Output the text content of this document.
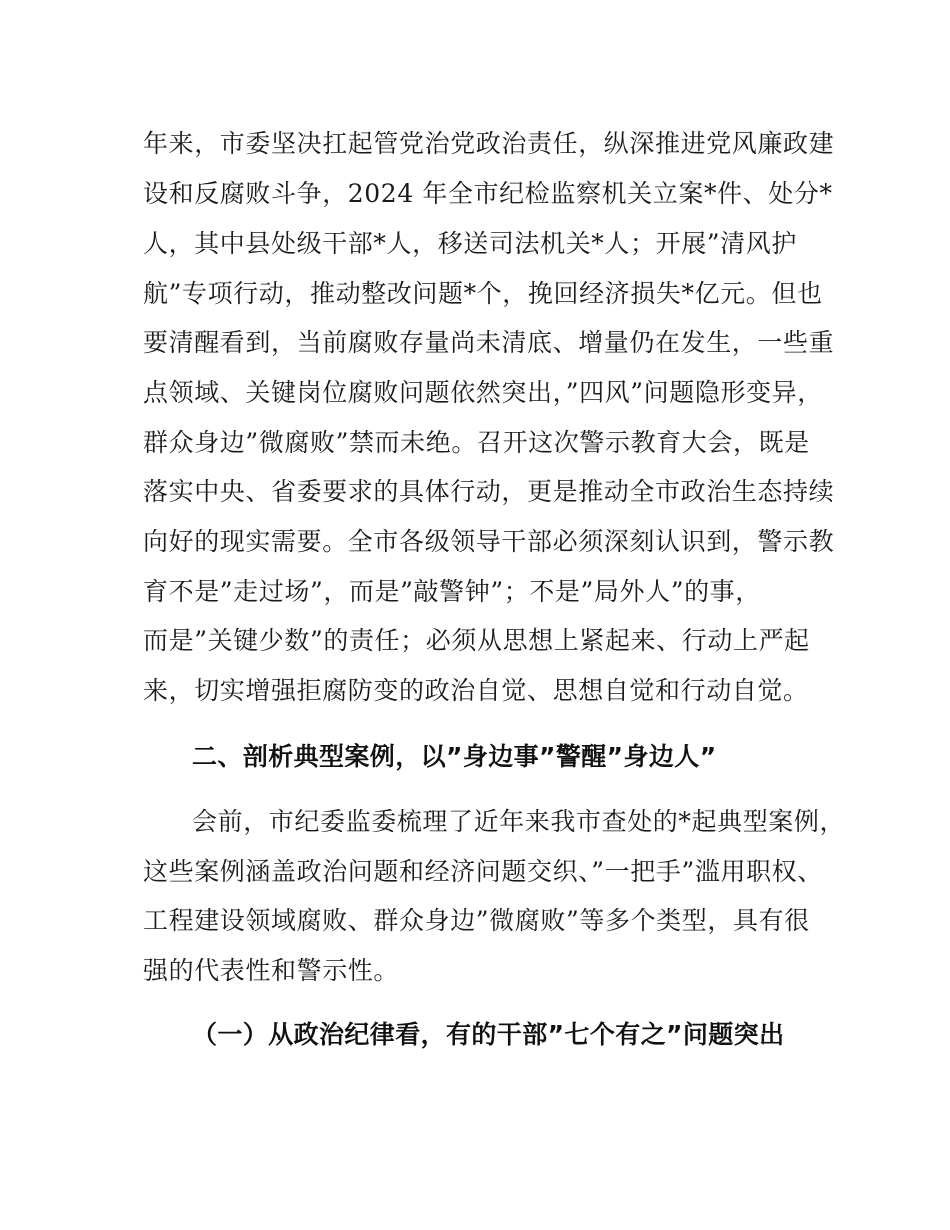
年来，市委坚决扛起管党治党政治责任，纵深推进党风廉政建
设和反腐败斗争，2024 年全市纪检监察机关立案*件、处分*
人，其中县处级干部*人，移送司法机关*人；开展”清风护
航”专项行动，推动整改问题*个，挽回经济损失*亿元。但也
要清醒看到，当前腐败存量尚未清底、增量仍在发生，一些重
点领域、关键岗位腐败问题依然突出，”四风”问题隐形变异，
群众身边”微腐败”禁而未绝。召开这次警示教育大会，既是
落实中央、省委要求的具体行动，更是推动全市政治生态持续
向好的现实需要。全市各级领导干部必须深刻认识到，警示教
育不是”走过场”，而是”敲警钟”；不是”局外人”的事，
而是”关键少数”的责任；必须从思想上紧起来、行动上严起
来，切实增强拒腐防变的政治自觉、思想自觉和行动自觉。
二、剖析典型案例，以”身边事”警醒”身边人”
会前，市纪委监委梳理了近年来我市查处的*起典型案例，
这些案例涵盖政治问题和经济问题交织、”一把手”滥用职权、
工程建设领域腐败、群众身边”微腐败”等多个类型，具有很
强的代表性和警示性。
（一）从政治纪律看，有的干部”七个有之”问题突出
